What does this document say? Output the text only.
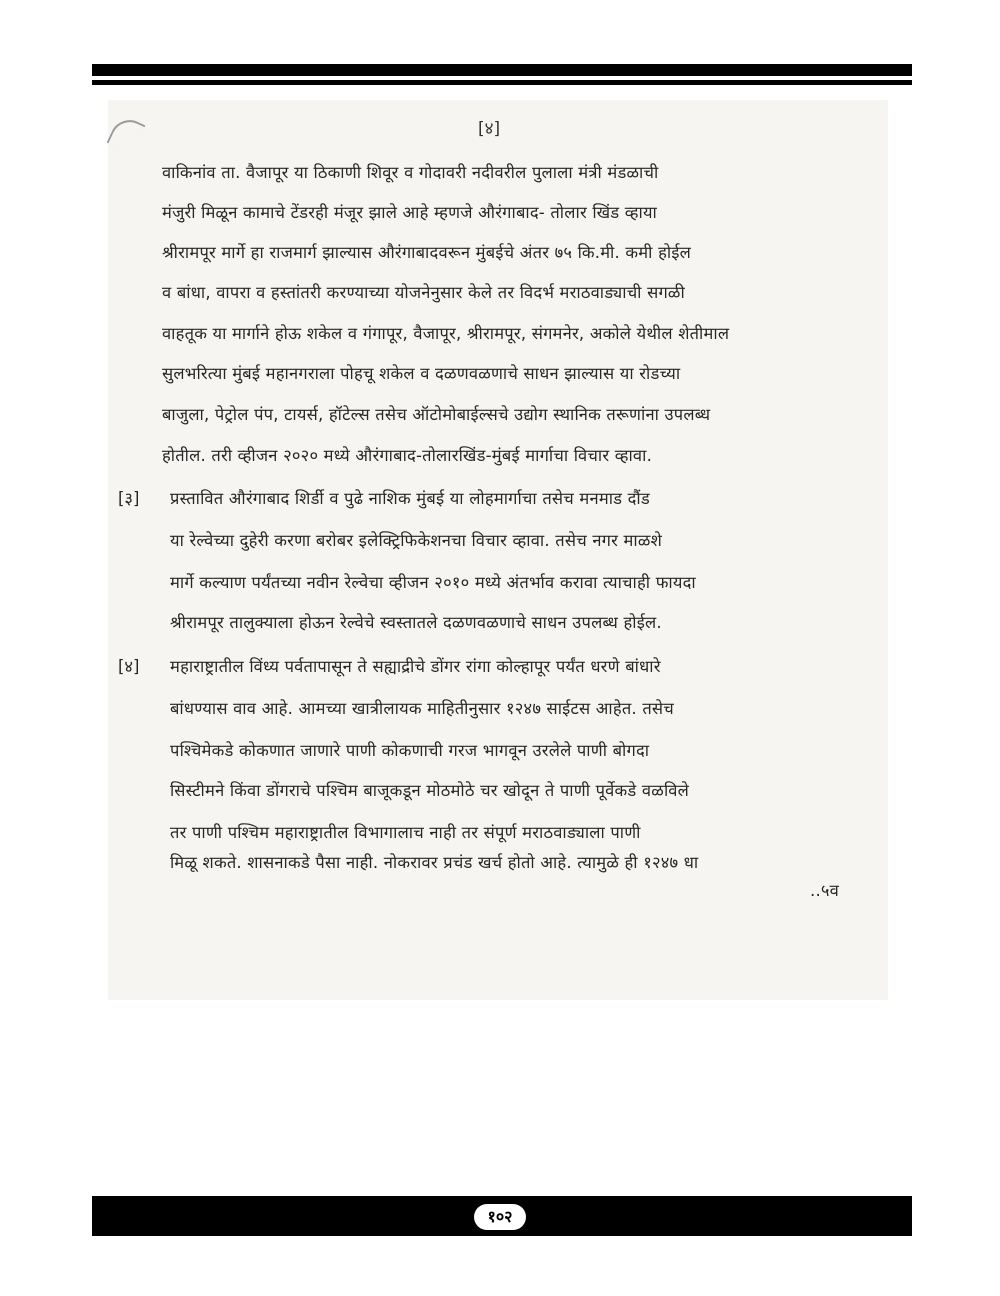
[४]
वाकिनांव ता. वैजापूर या ठिकाणी शिवूर व गोदावरी नदीवरील पुलाला मंत्री मंडळाची
मंजुरी मिळून कामाचे टेंडरही मंजूर झाले आहे म्हणजे औरंगाबाद- तोलार खिंड व्हाया
श्रीरामपूर मार्गे हा राजमार्ग झाल्यास औरंगाबादवरून मुंबईचे अंतर ७५ कि.मी. कमी होईल
व बांधा, वापरा व हस्तांतरी करण्याच्या योजनेनुसार केले तर विदर्भ मराठवाड्याची सगळी
वाहतूक या मार्गाने होऊ शकेल व गंगापूर, वैजापूर, श्रीरामपूर, संगमनेर, अकोले येथील शेतीमाल
सुलभरित्या मुंबई महानगराला पोहचू शकेल व दळणवळणाचे साधन झाल्यास या रोडच्या
बाजुला, पेट्रोल पंप, टायर्स, हॉटेल्स तसेच ऑटोमोबाईल्सचे उद्योग स्थानिक तरूणांना उपलब्ध
होतील. तरी व्हीजन २०२० मध्ये औरंगाबाद-तोलारखिंड-मुंबई मार्गाचा विचार व्हावा.
[३] प्रस्तावित औरंगाबाद शिर्डी व पुढे नाशिक मुंबई या लोहमार्गाचा तसेच मनमाड दौंड
या रेल्वेच्या दुहेरी करणा बरोबर इलेक्ट्रिफिकेशनचा विचार व्हावा. तसेच नगर माळशे
मार्गे कल्याण पर्यंतच्या नवीन रेल्वेचा व्हीजन २०१० मध्ये अंतर्भाव करावा त्याचाही फायदा
श्रीरामपूर तालुक्याला होऊन रेल्वेचे स्वस्तातले दळणवळणाचे साधन उपलब्ध होईल.
[४] महाराष्ट्रातील विंध्य पर्वतापासून ते सह्याद्रीचे डोंगर रांगा कोल्हापूर पर्यंत धरणे बांधारे
बांधण्यास वाव आहे. आमच्या खात्रीलायक माहितीनुसार १२४७ साईटस आहेत. तसेच
पश्चिमेकडे कोकणात जाणारे पाणी कोकणाची गरज भागवून उरलेले पाणी बोगदा
सिस्टीमने किंवा डोंगराचे पश्चिम बाजूकडून मोठमोठे चर खोदून ते पाणी पूर्वेकडे वळविले
तर पाणी पश्चिम महाराष्ट्रातील विभागालाच नाही तर संपूर्ण मराठवाड्याला पाणी
मिळू शकते. शासनाकडे पैसा नाही. नोकरावर प्रचंड खर्च होतो आहे. त्यामुळे ही १२४७ धा
..५व
१०२
